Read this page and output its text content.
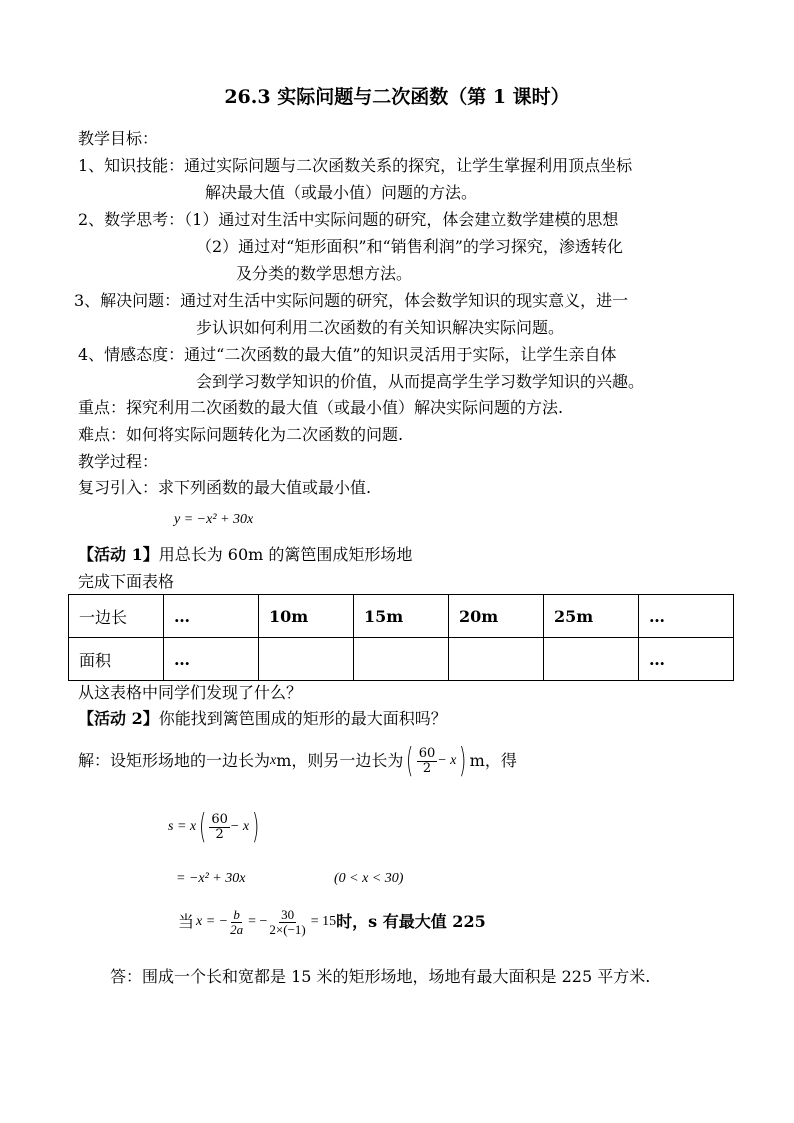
26.3 实际问题与二次函数（第 1 课时）
教学目标：
1、知识技能：通过实际问题与二次函数关系的探究，让学生掌握利用顶点坐标
解决最大值（或最小值）问题的方法。
2、数学思考：（1）通过对生活中实际问题的研究，体会建立数学建模的思想
（2）通过对“矩形面积”和“销售利润”的学习探究，渗透转化
及分类的数学思想方法。
3、解决问题：通过对生活中实际问题的研究，体会数学知识的现实意义，进一
步认识如何利用二次函数的有关知识解决实际问题。
4、情感态度：通过“二次函数的最大值”的知识灵活用于实际，让学生亲自体
会到学习数学知识的价值，从而提高学生学习数学知识的兴趣。
重点：探究利用二次函数的最大值（或最小值）解决实际问题的方法.
难点：如何将实际问题转化为二次函数的问题.
教学过程：
复习引入：求下列函数的最大值或最小值.
y = −x² + 30x
【活动 1】用总长为 60m 的篱笆围成矩形场地
完成下面表格
一边长	…	10m	15m	20m	25m	…
面积	…					…
从这表格中同学们发现了什么？
【活动 2】你能找到篱笆围成的矩形的最大面积吗？
解：设矩形场地的一边长为 x m ，则另一边长为 ( $\frac{60}{2} - x$ ) m ，得
s = x ( $\frac{60}{2} - x$ )
= −x² + 30x	(0 < x < 30)
当 x = − $\frac{b}{2a}$ = − $\frac{30}{2\times(-1)} = 15$ 时，s 有最大值 225
答：围成一个长和宽都是 15 米的矩形场地，场地有最大面积是 225 平方米.
